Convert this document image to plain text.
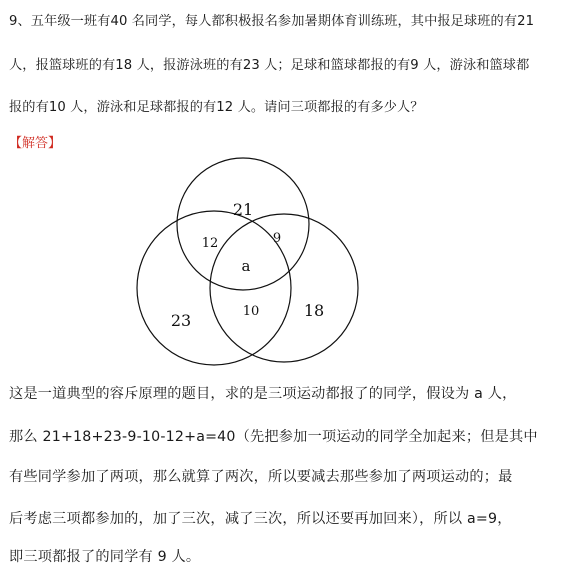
9、五年级一班有40 名同学，每人都积极报名参加暑期体育训练班，其中报足球班的有21
人，报篮球班的有18 人，报游泳班的有23 人；足球和篮球都报的有9 人，游泳和篮球都
报的有10 人，游泳和足球都报的有12 人。请问三项都报的有多少人？
【解答】
21
12	9
a
23	10	18
这是一道典型的容斥原理的题目，求的是三项运动都报了的同学，假设为 a 人，
那么 21+18+23-9-10-12+a=40（先把参加一项运动的同学全加起来；但是其中
有些同学参加了两项，那么就算了两次，所以要减去那些参加了两项运动的；最
后考虑三项都参加的，加了三次，减了三次，所以还要再加回来），所以 a=9，
即三项都报了的同学有 9 人。
